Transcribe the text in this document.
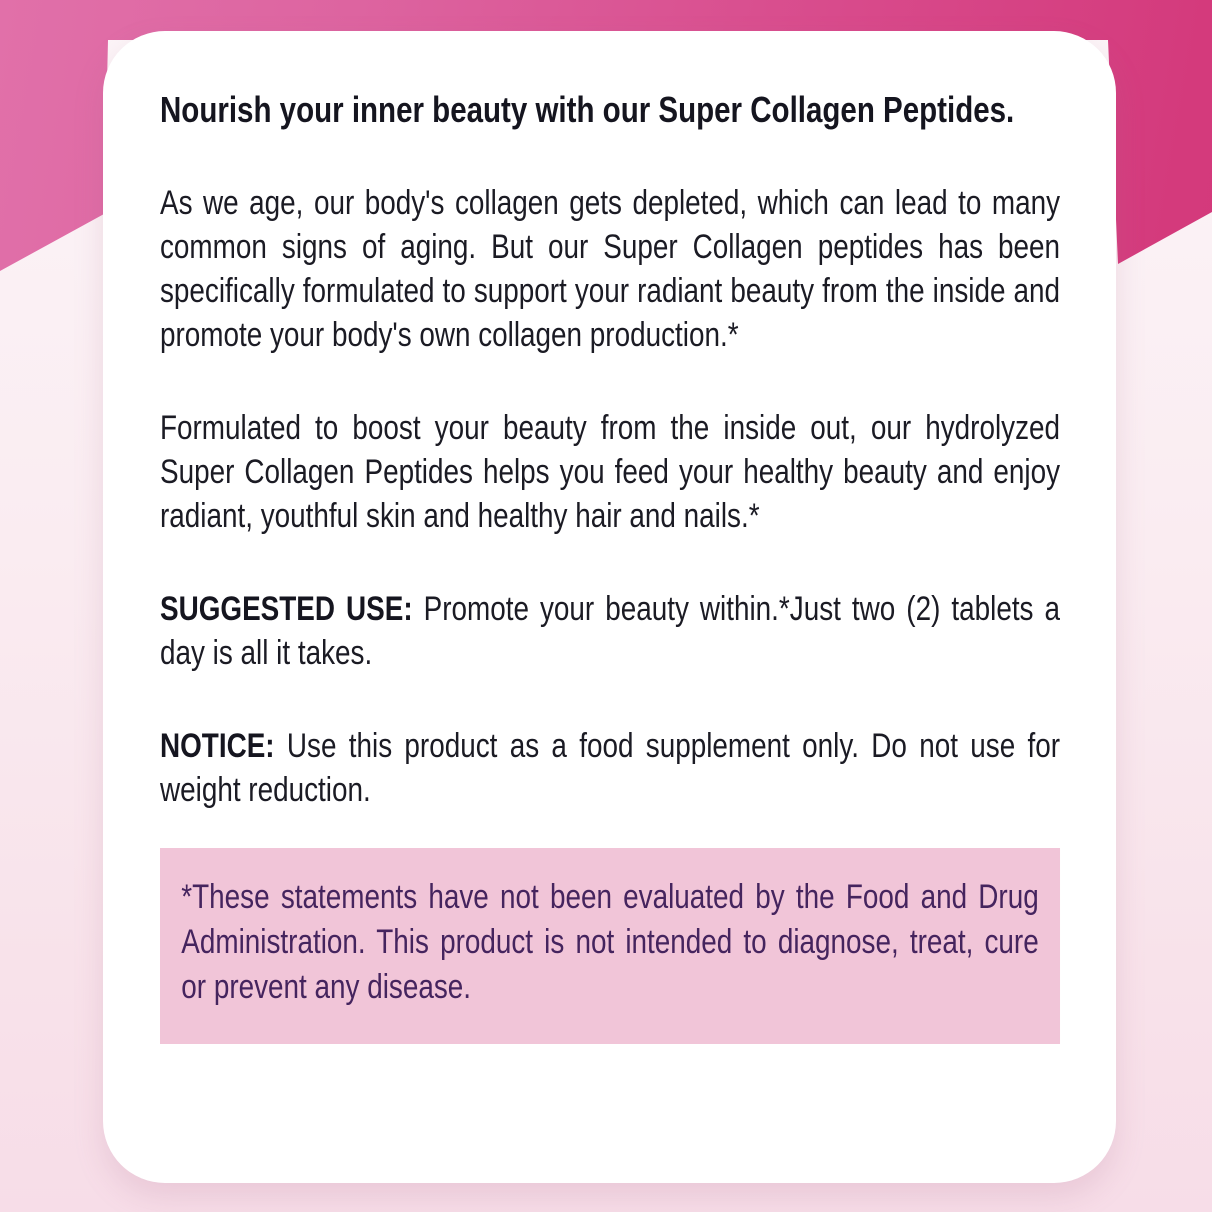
Nourish your inner beauty with our Super Collagen Peptides.

As we age, our body's collagen gets depleted, which can lead to many common signs of aging. But our Super Collagen peptides has been specifically formulated to support your radiant beauty from the inside and promote your body's own collagen production.*

Formulated to boost your beauty from the inside out, our hydrolyzed Super Collagen Peptides helps you feed your healthy beauty and enjoy radiant, youthful skin and healthy hair and nails.*

SUGGESTED USE: Promote your beauty within.*Just two (2) tablets a day is all it takes.

NOTICE: Use this product as a food supplement only. Do not use for weight reduction.

*These statements have not been evaluated by the Food and Drug Administration. This product is not intended to diagnose, treat, cure or prevent any disease.
